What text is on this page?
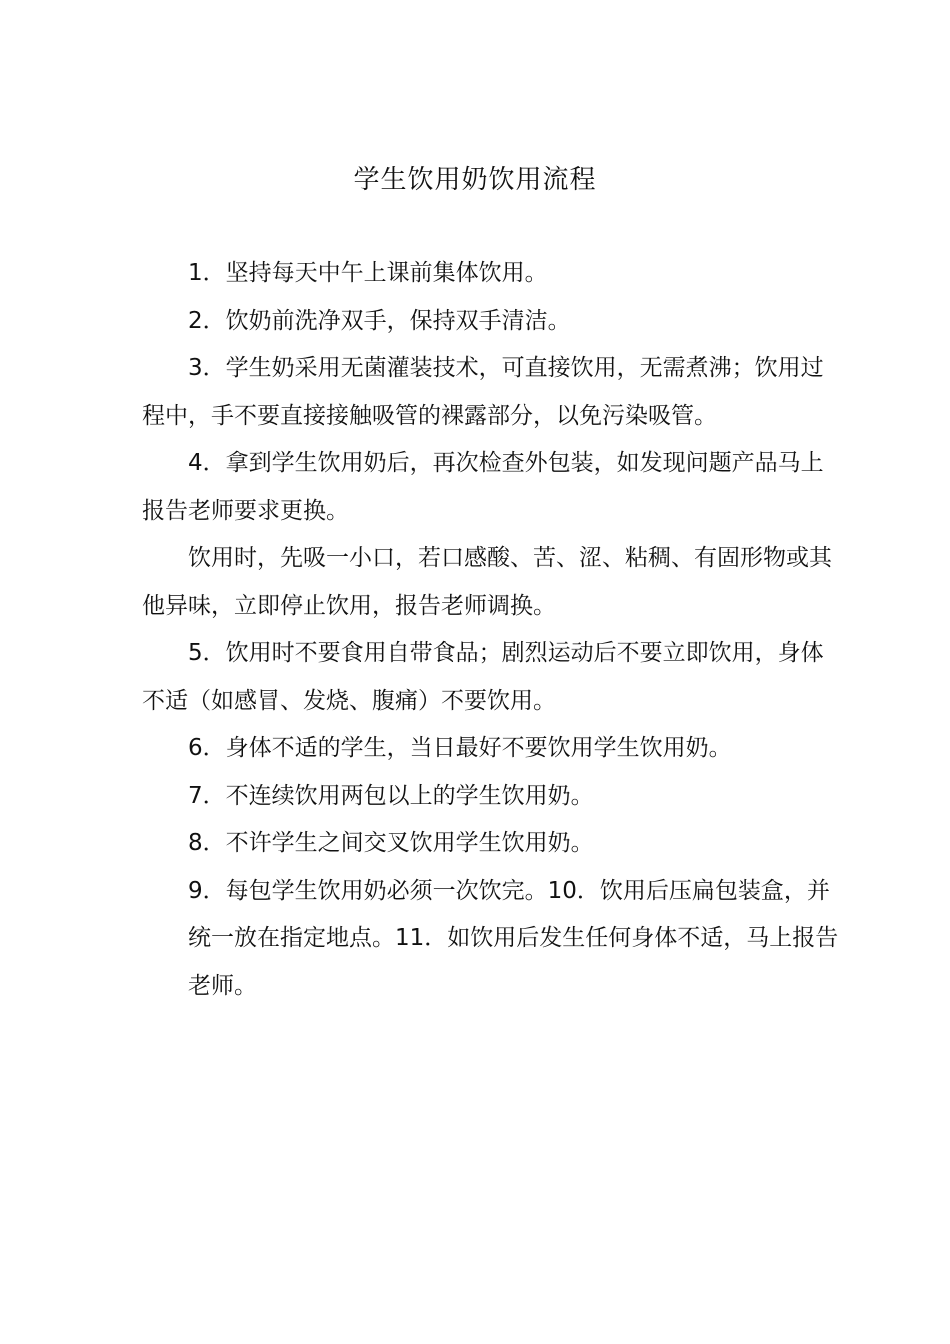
学生饮用奶饮用流程

1．坚持每天中午上课前集体饮用。

2．饮奶前洗净双手，保持双手清洁。

3．学生奶采用无菌灌装技术，可直接饮用，无需煮沸；饮用过程中，手不要直接接触吸管的裸露部分，以免污染吸管。

4．拿到学生饮用奶后，再次检查外包装，如发现问题产品马上报告老师要求更换。

饮用时，先吸一小口，若口感酸、苦、涩、粘稠、有固形物或其他异味，立即停止饮用，报告老师调换。

5．饮用时不要食用自带食品；剧烈运动后不要立即饮用，身体不适（如感冒、发烧、腹痛）不要饮用。

6．身体不适的学生，当日最好不要饮用学生饮用奶。

7．不连续饮用两包以上的学生饮用奶。

8．不许学生之间交叉饮用学生饮用奶。

9．每包学生饮用奶必须一次饮完。10．饮用后压扁包装盒，并统一放在指定地点。11．如饮用后发生任何身体不适，马上报告老师。
